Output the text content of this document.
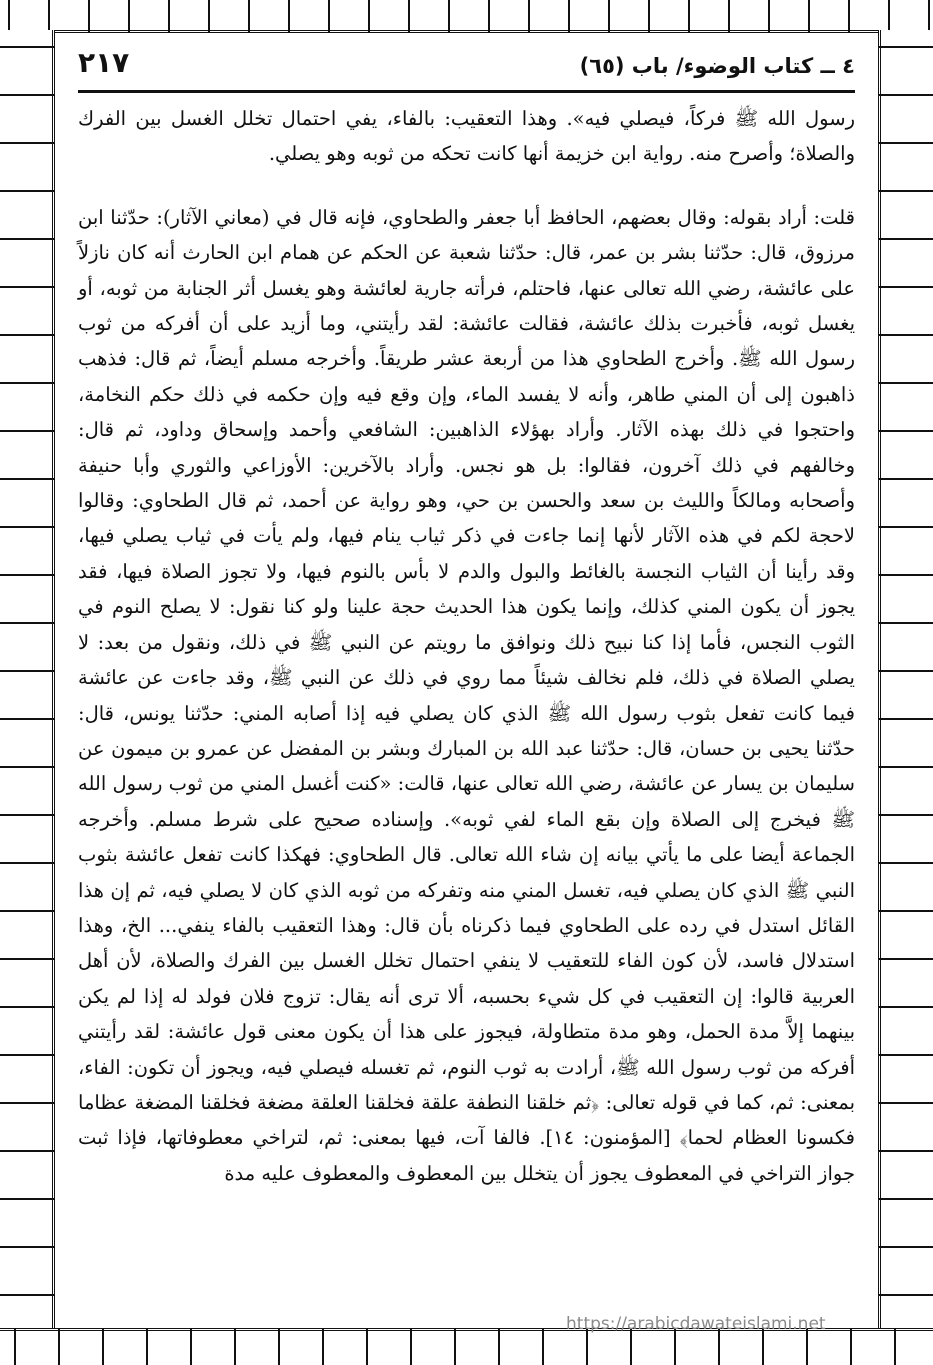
٤ ــ كتاب الوضوء/ باب (٦٥)
٢١٧

رسول الله ﷺ فركاً، فيصلي فيه». وهذا التعقيب: بالفاء، يفي احتمال تخلل الغسل بين الفرك والصلاة؛ وأصرح منه. رواية ابن خزيمة أنها كانت تحكه من ثوبه وهو يصلي.

قلت: أراد بقوله: وقال بعضهم، الحافظ أبا جعفر والطحاوي، فإنه قال في (معاني الآثار): حدّثنا ابن مرزوق، قال: حدّثنا بشر بن عمر، قال: حدّثنا شعبة عن الحكم عن همام ابن الحارث أنه كان نازلاً على عائشة، رضي الله تعالى عنها، فاحتلم، فرأته جارية لعائشة وهو يغسل أثر الجنابة من ثوبه، أو يغسل ثوبه، فأخبرت بذلك عائشة، فقالت عائشة: لقد رأيتني، وما أزيد على أن أفركه من ثوب رسول الله ﷺ. وأخرج الطحاوي هذا من أربعة عشر طريقاً. وأخرجه مسلم أيضاً، ثم قال: فذهب ذاهبون إلى أن المني طاهر، وأنه لا يفسد الماء، وإن وقع فيه وإن حكمه في ذلك حكم النخامة، واحتجوا في ذلك بهذه الآثار. وأراد بهؤلاء الذاهبين: الشافعي وأحمد وإسحاق وداود، ثم قال: وخالفهم في ذلك آخرون، فقالوا: بل هو نجس. وأراد بالآخرين: الأوزاعي والثوري وأبا حنيفة وأصحابه ومالكاً والليث بن سعد والحسن بن حي، وهو رواية عن أحمد، ثم قال الطحاوي: وقالوا لاحجة لكم في هذه الآثار لأنها إنما جاءت في ذكر ثياب ينام فيها، ولم يأت في ثياب يصلي فيها، وقد رأينا أن الثياب النجسة بالغائط والبول والدم لا بأس بالنوم فيها، ولا تجوز الصلاة فيها، فقد يجوز أن يكون المني كذلك، وإنما يكون هذا الحديث حجة علينا ولو كنا نقول: لا يصلح النوم في الثوب النجس، فأما إذا كنا نبيح ذلك ونوافق ما رويتم عن النبي ﷺ في ذلك، ونقول من بعد: لا يصلي الصلاة في ذلك، فلم نخالف شيئاً مما روي في ذلك عن النبي ﷺ، وقد جاءت عن عائشة فيما كانت تفعل بثوب رسول الله ﷺ الذي كان يصلي فيه إذا أصابه المني: حدّثنا يونس، قال: حدّثنا يحيى بن حسان، قال: حدّثنا عبد الله بن المبارك وبشر بن المفضل عن عمرو بن ميمون عن سليمان بن يسار عن عائشة، رضي الله تعالى عنها، قالت: «كنت أغسل المني من ثوب رسول الله ﷺ فيخرج إلى الصلاة وإن بقع الماء لفي ثوبه». وإسناده صحيح على شرط مسلم. وأخرجه الجماعة أيضا على ما يأتي بيانه إن شاء الله تعالى. قال الطحاوي: فهكذا كانت تفعل عائشة بثوب النبي ﷺ الذي كان يصلي فيه، تغسل المني منه وتفركه من ثوبه الذي كان لا يصلي فيه، ثم إن هذا القائل استدل في رده على الطحاوي فيما ذكرناه بأن قال: وهذا التعقيب بالفاء ينفي... الخ، وهذا استدلال فاسد، لأن كون الفاء للتعقيب لا ينفي احتمال تخلل الغسل بين الفرك والصلاة، لأن أهل العربية قالوا: إن التعقيب في كل شيء بحسبه، ألا ترى أنه يقال: تزوج فلان فولد له إذا لم يكن بينهما إلاَّ مدة الحمل، وهو مدة متطاولة، فيجوز على هذا أن يكون معنى قول عائشة: لقد رأيتني أفركه من ثوب رسول الله ﷺ، أرادت به ثوب النوم، ثم تغسله فيصلي فيه، ويجوز أن تكون: الفاء، بمعنى: ثم، كما في قوله تعالى: ﴿ثم خلقنا النطفة علقة فخلقنا العلقة مضغة فخلقنا المضغة عظاما فكسونا العظام لحما﴾ [المؤمنون: ١٤]. فالفا آت، فيها بمعنى: ثم، لتراخي معطوفاتها، فإذا ثبت جواز التراخي في المعطوف يجوز أن يتخلل بين المعطوف والمعطوف عليه مدة

https://arabicdawateislami.net
